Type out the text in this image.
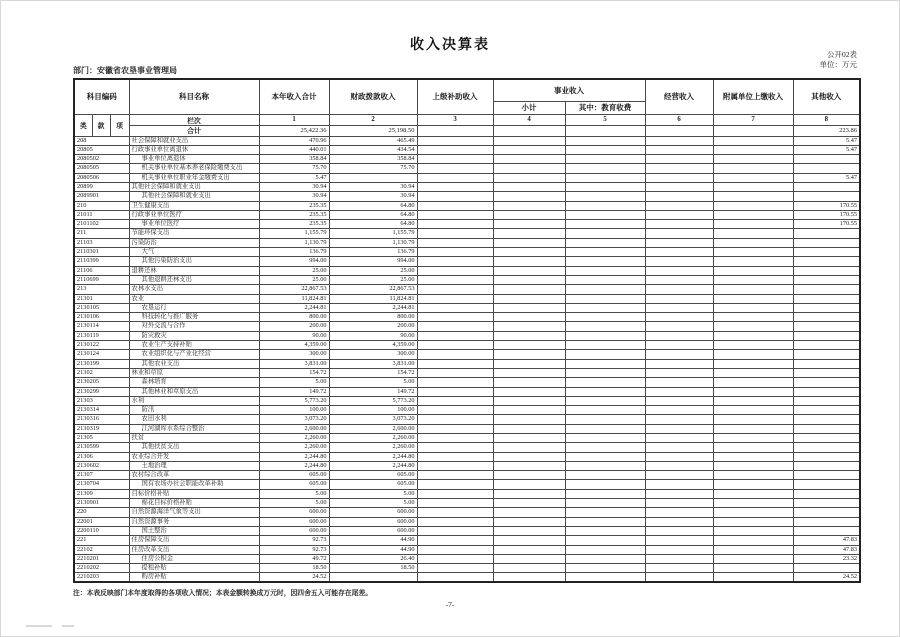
收入决算表
公开02表
单位：万元
部门：安徽省农垦事业管理局
科目编码			科目名称	本年收入合计	财政拨款收入	上级补助收入	事业收入		经营收入	附属单位上缴收入	其他收入
							小计	其中：教育收费			
类	款	项	栏次	1	2	3	4	5	6	7	8
			合计	25,422.36	25,198.50						223.86
208			社会保障和就业支出	470.96	465.49						5.47
20805			行政事业单位离退休	440.01	434.54						5.47
2080502			事业单位离退休	358.84	358.84						
2080505			机关事业单位基本养老保险缴费支出	75.70	75.70						
2080506			机关事业单位职业年金缴费支出	5.47							5.47
20899			其他社会保障和就业支出	30.94	30.94						
2089901			其他社会保障和就业支出	30.94	30.94						
210			卫生健康支出	235.35	64.80						170.55
21011			行政事业单位医疗	235.35	64.80						170.55
2101102			事业单位医疗	235.35	64.80						170.55
211			节能环保支出	1,155.79	1,155.79						
21103			污染防治	1,130.79	1,130.79						
2110301			大气	136.79	136.79						
2110399			其他污染防治支出	994.00	994.00						
21106			退耕还林	25.00	25.00						
2110699			其他退耕还林支出	25.00	25.00						
213			农林水支出	22,867.53	22,867.53						
21301			农业	11,824.81	11,824.81						
2130105			农垦运行	2,244.81	2,244.81						
2130106			科技转化与推广服务	800.00	800.00						
2130114			对外交流与合作	200.00	200.00						
2130119			防灾救灾	90.00	90.00						
2130122			农业生产支持补贴	4,359.00	4,359.00						
2130124			农业组织化与产业化经营	300.00	300.00						
2130199			其他农业支出	3,831.00	3,831.00						
21302			林业和草原	154.72	154.72						
2130205			森林培育	5.00	5.00						
2130299			其他林业和草原支出	149.72	149.72						
21303			水利	5,773.20	5,773.20						
2130314			防汛	100.00	100.00						
2130316			农田水利	3,073.20	3,073.20						
2130319			江河湖库水系综合整治	2,600.00	2,600.00						
21305			扶贫	2,260.00	2,260.00						
2130599			其他扶贫支出	2,260.00	2,260.00						
21306			农业综合开发	2,244.80	2,244.80						
2130602			土地治理	2,244.80	2,244.80						
21307			农村综合改革	605.00	605.00						
2130704			国有农场办社会职能改革补助	605.00	605.00						
21309			目标价格补贴	5.00	5.00						
2130901			棉花目标价格补贴	5.00	5.00						
220			自然资源海洋气象等支出	600.00	600.00						
22001			自然资源事务	600.00	600.00						
2200110			国土整治	600.00	600.00						
221			住房保障支出	92.73	44.90						47.83
22102			住房改革支出	92.73	44.90						47.83
2210201			住房公积金	49.72	26.40						23.32
2210202			提租补贴	18.50	18.50						
2210203			购房补贴	24.52							24.52
注：本表反映部门本年度取得的各项收入情况；本表金额转换成万元时，因四舍五入可能存在尾差。
-7-
